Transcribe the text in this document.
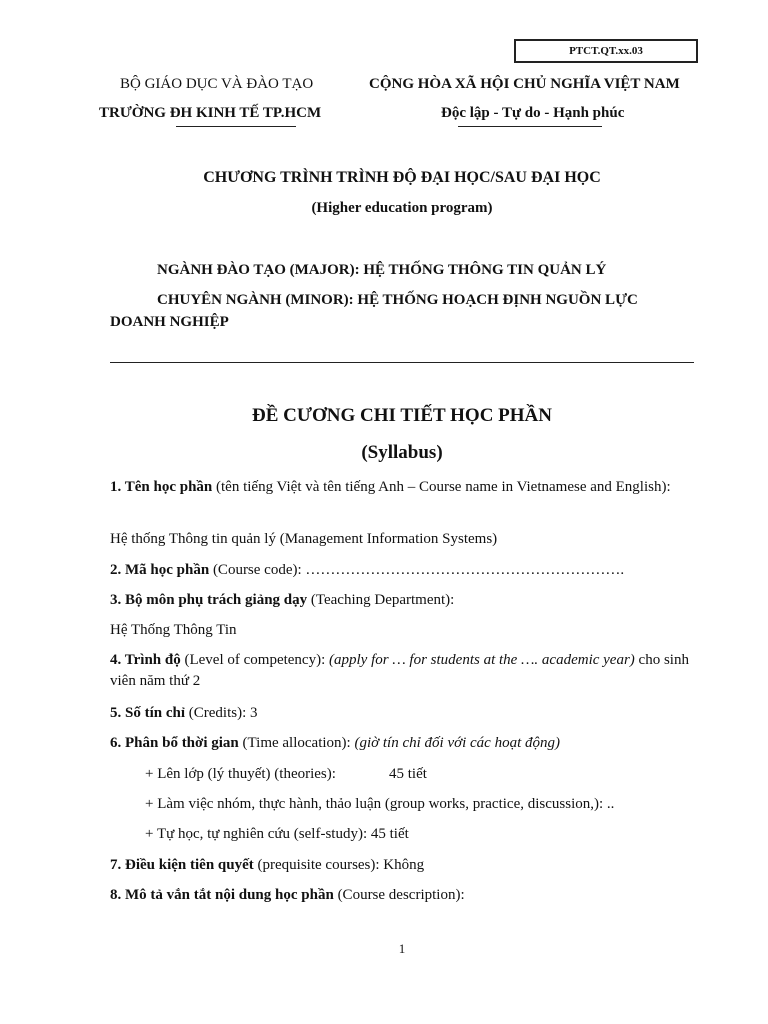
PTCT.QT.xx.03
BỘ GIÁO DỤC VÀ ĐÀO TẠO
TRƯỜNG ĐH KINH TẾ TP.HCM
CỘNG HÒA XÃ HỘI CHỦ NGHĨA VIỆT NAM
Độc lập - Tự do - Hạnh phúc
CHƯƠNG TRÌNH TRÌNH ĐỘ ĐẠI HỌC/SAU ĐẠI HỌC
(Higher education program)
NGÀNH ĐÀO TẠO (MAJOR): HỆ THỐNG THÔNG TIN QUẢN LÝ
CHUYÊN NGÀNH (MINOR): HỆ THỐNG HOẠCH ĐỊNH NGUỒN LỰC
DOANH NGHIỆP
ĐỀ CƯƠNG CHI TIẾT HỌC PHẦN
(Syllabus)
1. Tên học phần (tên tiếng Việt và tên tiếng Anh – Course name in Vietnamese and English):
Hệ thống Thông tin quản lý (Management Information Systems)
2. Mã học phần (Course code): ……………………………………………………….
3. Bộ môn phụ trách giảng dạy (Teaching Department):
Hệ Thống Thông Tin
4. Trình độ (Level of competency): (apply for … for students at the …. academic year) cho sinh viên năm thứ 2
5. Số tín chỉ (Credits): 3
6. Phân bổ thời gian (Time allocation): (giờ tín chỉ đối với các hoạt động)
+ Lên lớp (lý thuyết) (theories):	45 tiết
+ Làm việc nhóm, thực hành, thảo luận (group works, practice, discussion,): ..
+ Tự học, tự nghiên cứu (self-study): 45 tiết
7. Điều kiện tiên quyết (prequisite courses): Không
8. Mô tả vắn tắt nội dung học phần (Course description):
1
